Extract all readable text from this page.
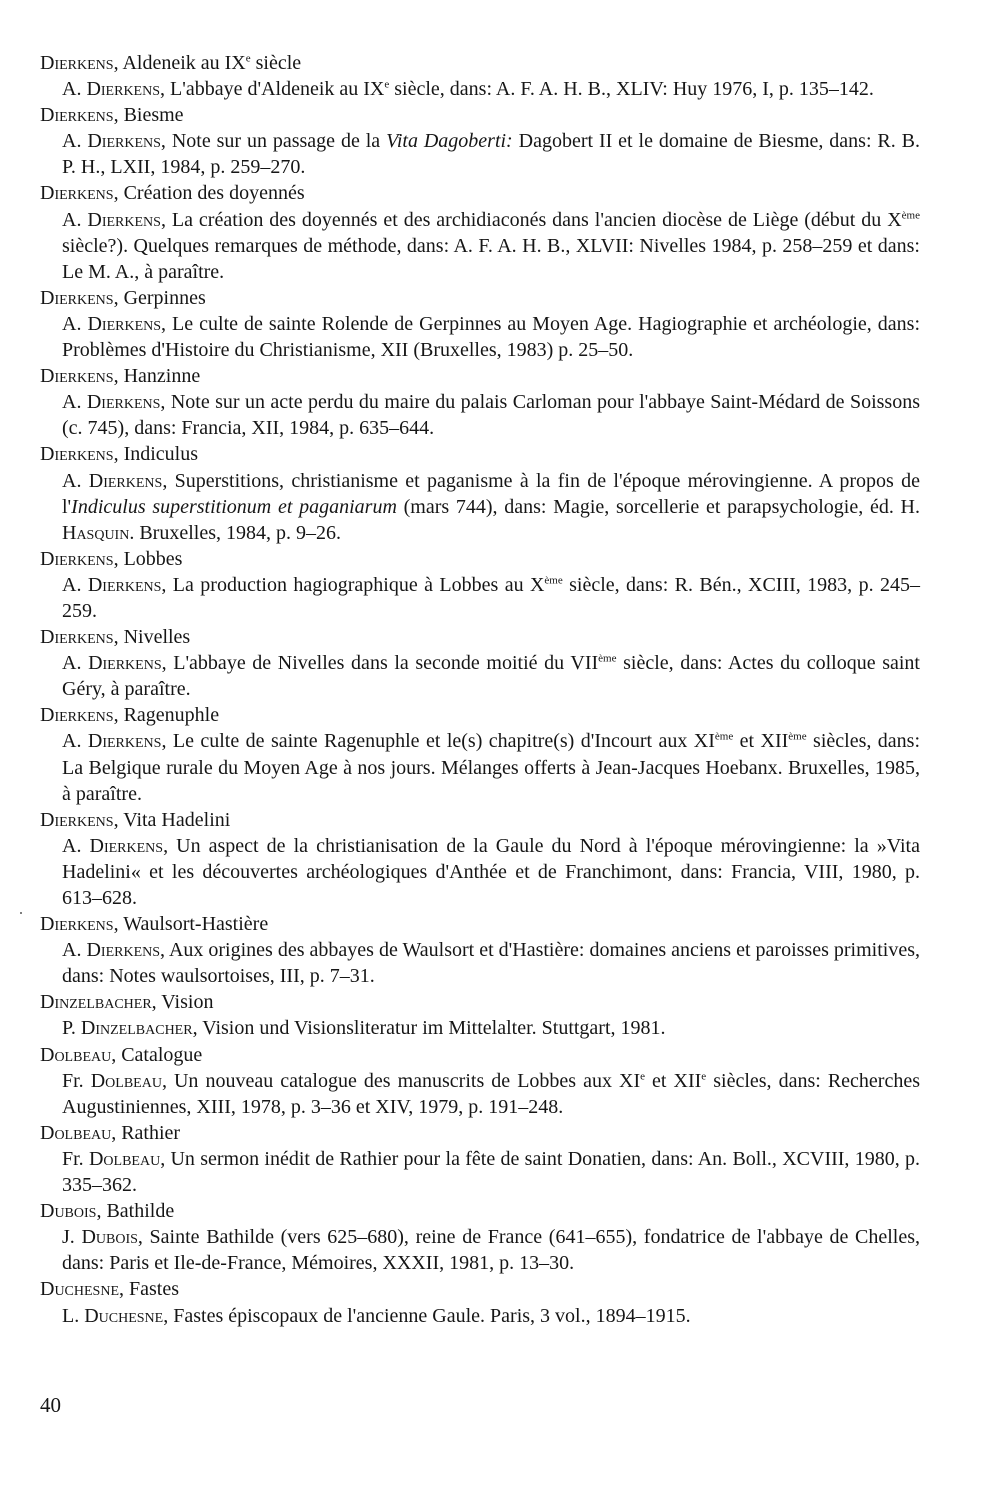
Dierkens, Aldeneik au IXe siècle
A. Dierkens, L'abbaye d'Aldeneik au IXe siècle, dans: A. F. A. H. B., XLIV: Huy 1976, I, p. 135–142.
Dierkens, Biesme
A. Dierkens, Note sur un passage de la Vita Dagoberti: Dagobert II et le domaine de Biesme, dans: R. B. P. H., LXII, 1984, p. 259–270.
Dierkens, Création des doyennés
A. Dierkens, La création des doyennés et des archidiaconés dans l'ancien diocèse de Liège (début du Xème siècle?). Quelques remarques de méthode, dans: A. F. A. H. B., XLVII: Nivelles 1984, p. 258–259 et dans: Le M. A., à paraître.
Dierkens, Gerpinnes
A. Dierkens, Le culte de sainte Rolende de Gerpinnes au Moyen Age. Hagiographie et archéologie, dans: Problèmes d'Histoire du Christianisme, XII (Bruxelles, 1983) p. 25–50.
Dierkens, Hanzinne
A. Dierkens, Note sur un acte perdu du maire du palais Carloman pour l'abbaye Saint-Médard de Soissons (c. 745), dans: Francia, XII, 1984, p. 635–644.
Dierkens, Indiculus
A. Dierkens, Superstitions, christianisme et paganisme à la fin de l'époque mérovingienne. A propos de l'Indiculus superstitionum et paganiarum (mars 744), dans: Magie, sorcellerie et parapsychologie, éd. H. Hasquin. Bruxelles, 1984, p. 9–26.
Dierkens, Lobbes
A. Dierkens, La production hagiographique à Lobbes au Xème siècle, dans: R. Bén., XCIII, 1983, p. 245–259.
Dierkens, Nivelles
A. Dierkens, L'abbaye de Nivelles dans la seconde moitié du VIIème siècle, dans: Actes du colloque saint Géry, à paraître.
Dierkens, Ragenuphle
A. Dierkens, Le culte de sainte Ragenuphle et le(s) chapitre(s) d'Incourt aux XIème et XIIème siècles, dans: La Belgique rurale du Moyen Age à nos jours. Mélanges offerts à Jean-Jacques Hoebanx. Bruxelles, 1985, à paraître.
Dierkens, Vita Hadelini
A. Dierkens, Un aspect de la christianisation de la Gaule du Nord à l'époque mérovingienne: la »Vita Hadelini« et les découvertes archéologiques d'Anthée et de Franchimont, dans: Francia, VIII, 1980, p. 613–628.
Dierkens, Waulsort-Hastière
A. Dierkens, Aux origines des abbayes de Waulsort et d'Hastière: domaines anciens et paroisses primitives, dans: Notes waulsortoises, III, p. 7–31.
Dinzelbacher, Vision
P. Dinzelbacher, Vision und Visionsliteratur im Mittelalter. Stuttgart, 1981.
Dolbeau, Catalogue
Fr. Dolbeau, Un nouveau catalogue des manuscrits de Lobbes aux XIe et XIIe siècles, dans: Recherches Augustiniennes, XIII, 1978, p. 3–36 et XIV, 1979, p. 191–248.
Dolbeau, Rathier
Fr. Dolbeau, Un sermon inédit de Rathier pour la fête de saint Donatien, dans: An. Boll., XCVIII, 1980, p. 335–362.
Dubois, Bathilde
J. Dubois, Sainte Bathilde (vers 625–680), reine de France (641–655), fondatrice de l'abbaye de Chelles, dans: Paris et Ile-de-France, Mémoires, XXXII, 1981, p. 13–30.
Duchesne, Fastes
L. Duchesne, Fastes épiscopaux de l'ancienne Gaule. Paris, 3 vol., 1894–1915.
40
